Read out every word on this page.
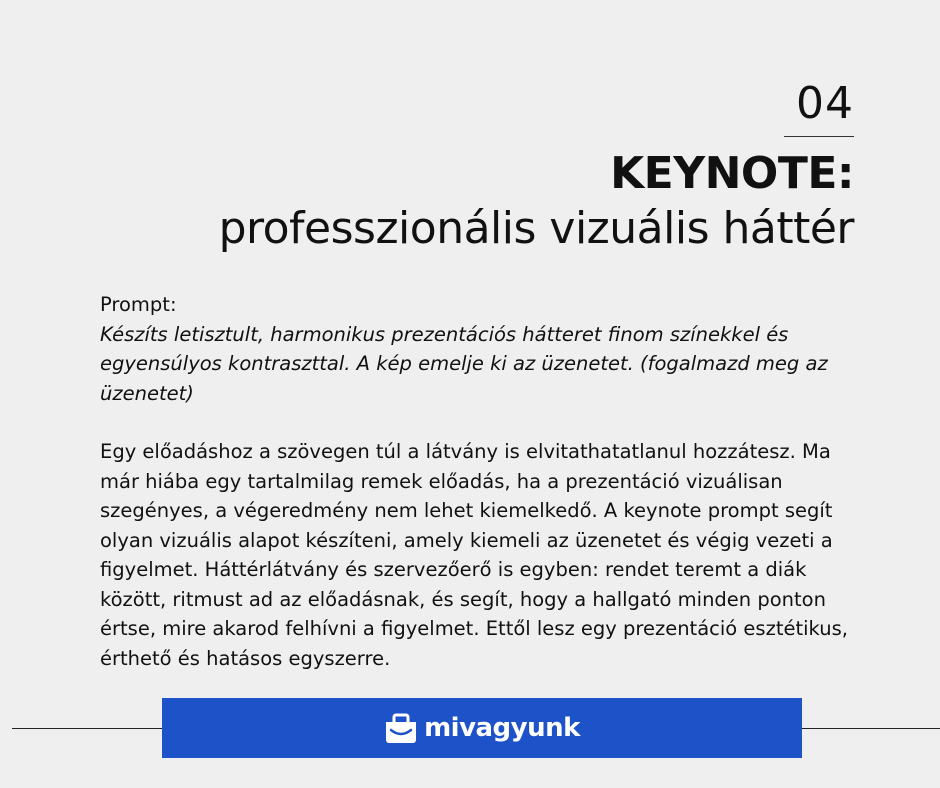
04
KEYNOTE:
professzionális vizuális háttér

Prompt:

Készíts letisztult, harmonikus prezentációs hátteret finom színekkel és egyensúlyos kontraszttal. A kép emelje ki az üzenetet. (fogalmazd meg az üzenetet)

Egy előadáshoz a szövegen túl a látvány is elvitathatatlanul hozzátesz. Ma már hiába egy tartalmilag remek előadás, ha a prezentáció vizuálisan szegényes, a végeredmény nem lehet kiemelkedő. A keynote prompt segít olyan vizuális alapot készíteni, amely kiemeli az üzenetet és végig vezeti a figyelmet. Háttérlátvány és szervezőerő is egyben: rendet teremt a diák között, ritmust ad az előadásnak, és segít, hogy a hallgató minden ponton értse, mire akarod felhívni a figyelmet. Ettől lesz egy prezentáció esztétikus, érthető és hatásos egyszerre.

mivagyunk
